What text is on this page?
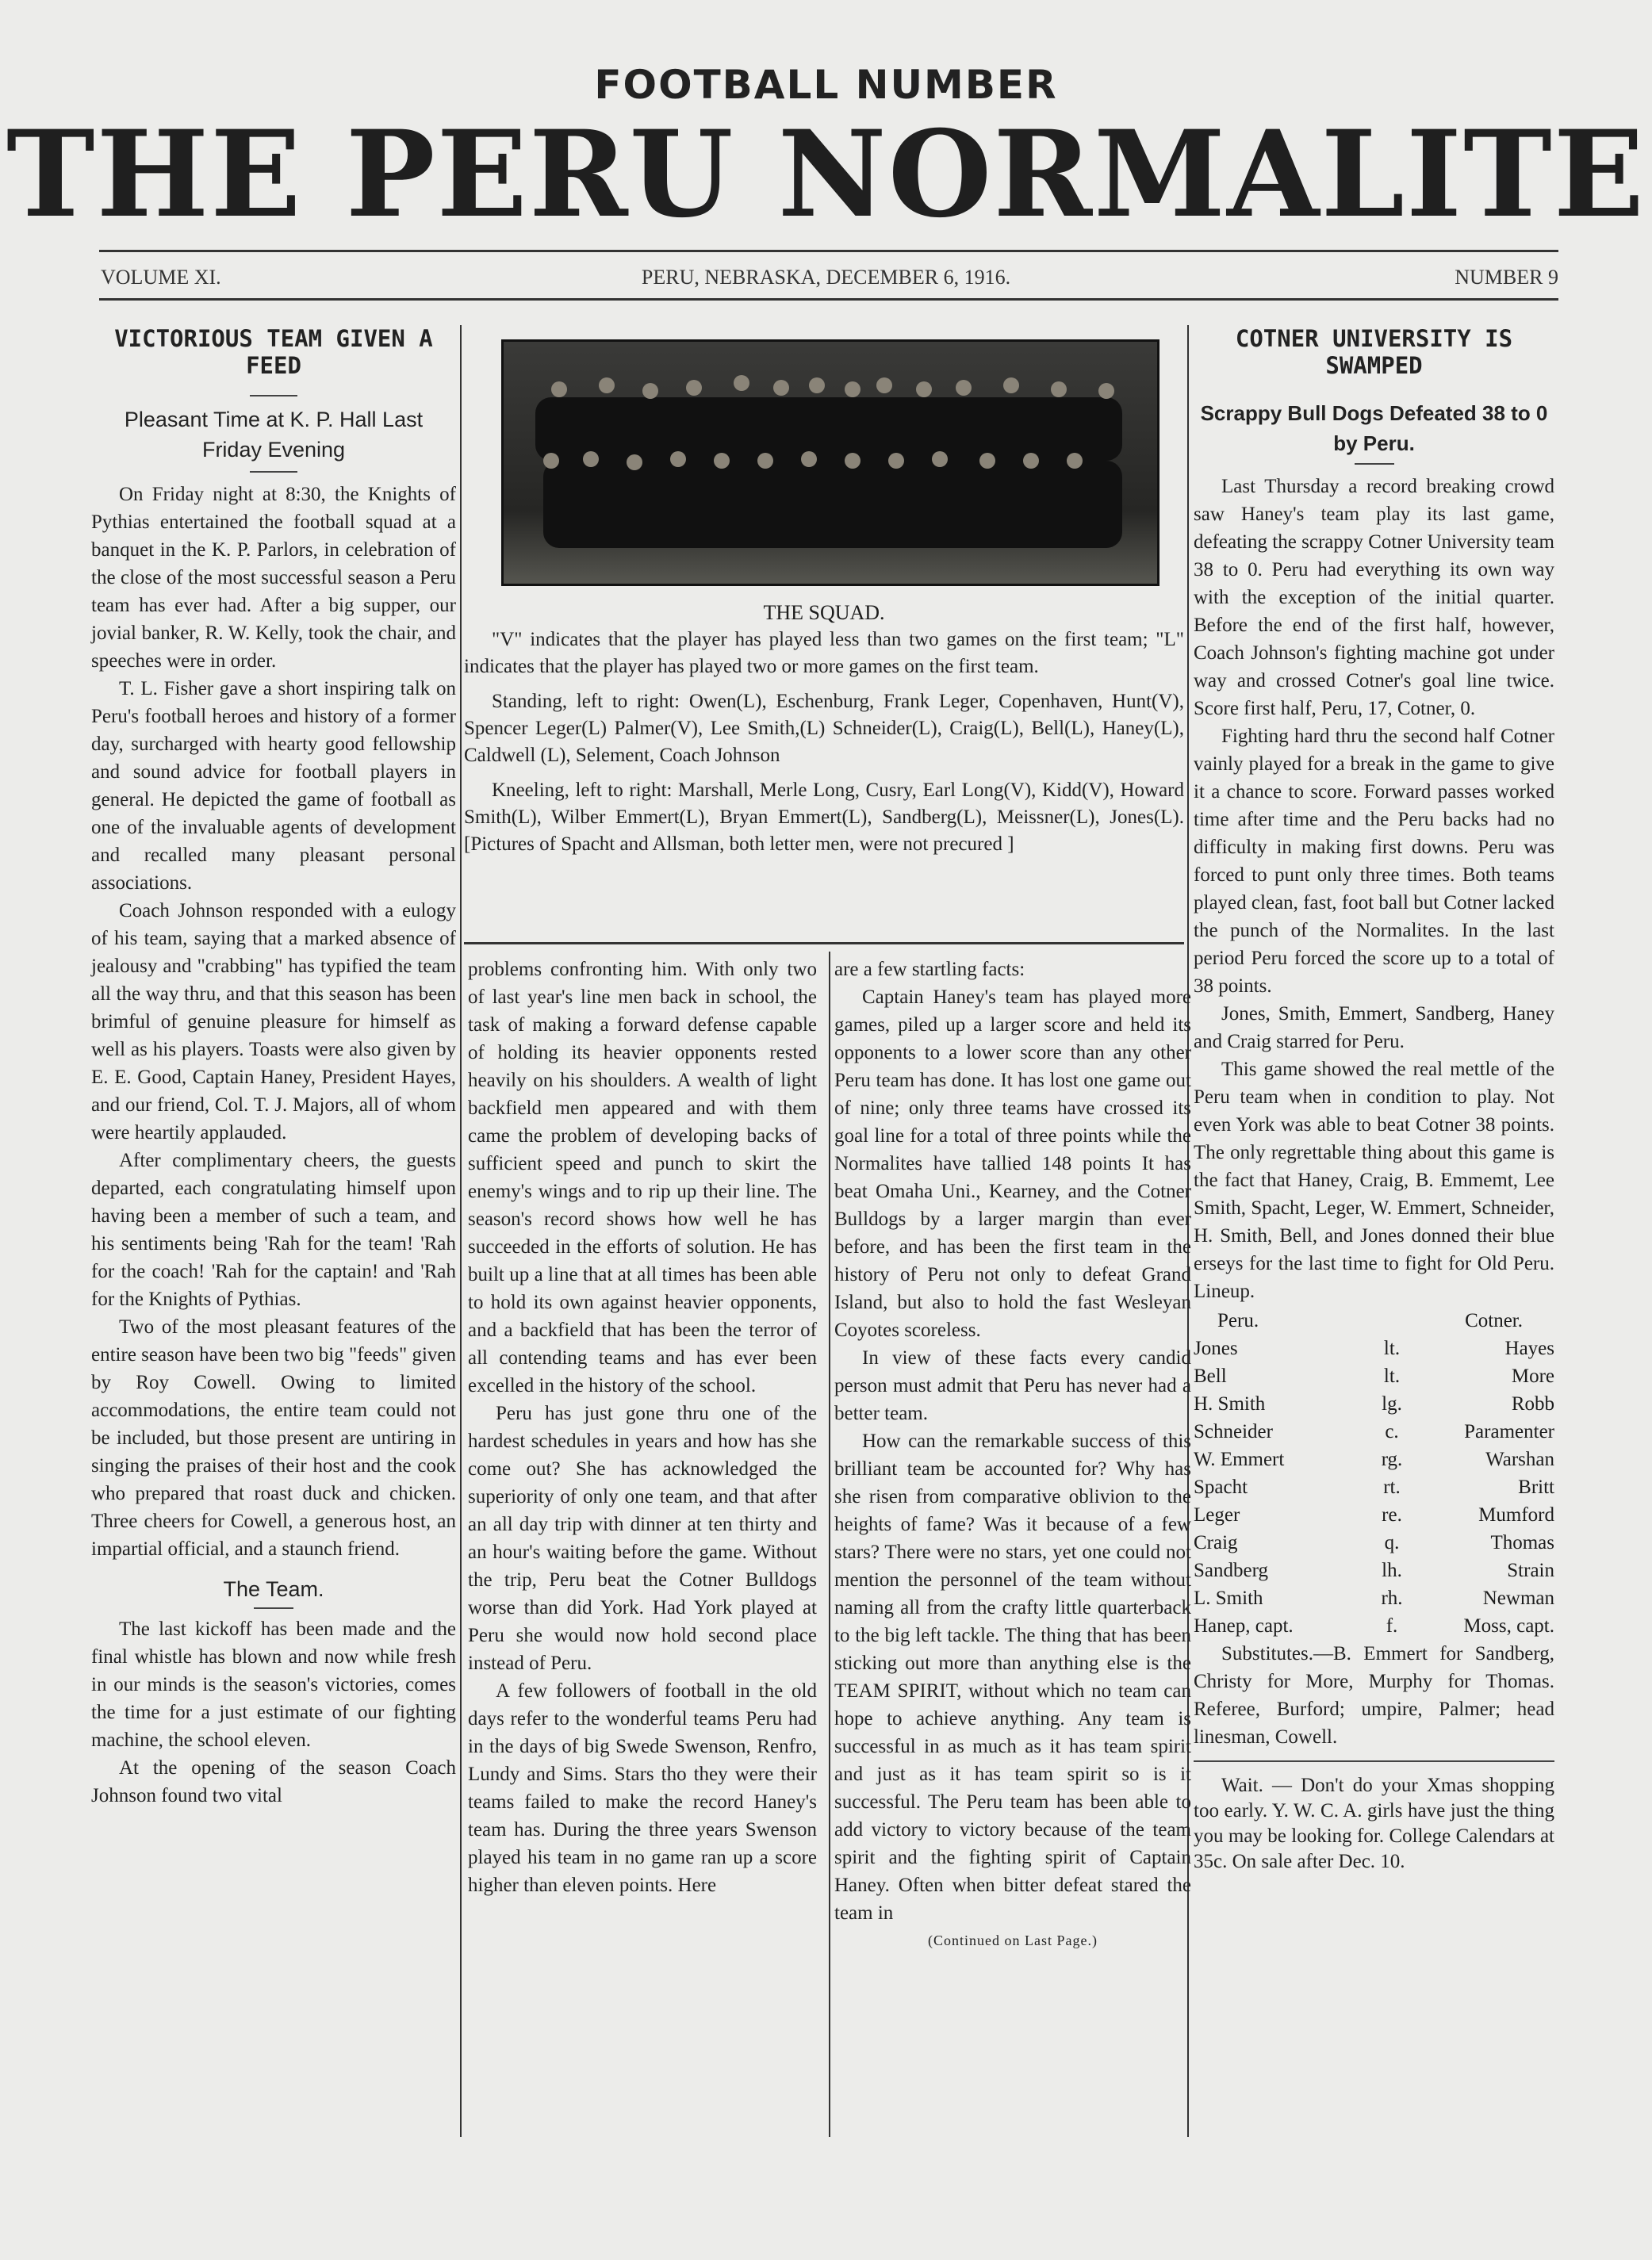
FOOTBALL NUMBER
THE PERU NORMALITE
VOLUME XI.	PERU, NEBRASKA, DECEMBER 6, 1916.	NUMBER 9
VICTORIOUS TEAM GIVEN A FEED
Pleasant Time at K. P. Hall Last Friday Evening

On Friday night at 8:30, the Knights of Pythias entertained the football squad at a banquet in the K. P. Parlors, in celebration of the close of the most successful season a Peru team has ever had. After a big supper, our jovial banker, R. W. Kelly, took the chair, and speeches were in order.

T. L. Fisher gave a short inspiring talk on Peru's football heroes and history of a former day, surcharged with hearty good fellowship and sound advice for football players in general. He depicted the game of football as one of the invaluable agents of development and recalled many pleasant personal associations.

Coach Johnson responded with a eulogy of his team, saying that a marked absence of jealousy and "crabbing" has typified the team all the way thru, and that this season has been brimful of genuine pleasure for himself as well as his players. Toasts were also given by E. E. Good, Captain Haney, President Hayes, and our friend, Col. T. J. Majors, all of whom were heartily applauded.

After complimentary cheers, the guests departed, each congratulating himself upon having been a member of such a team, and his sentiments being 'Rah for the team! 'Rah for the coach! 'Rah for the captain! and 'Rah for the Knights of Pythias.

Two of the most pleasant features of the entire season have been two big "feeds" given by Roy Cowell. Owing to limited accommodations, the entire team could not be included, but those present are untiring in singing the praises of their host and the cook who prepared that roast duck and chicken. Three cheers for Cowell, a generous host, an impartial official, and a staunch friend.

The Team.

The last kickoff has been made and the final whistle has blown and now while fresh in our minds is the season's victories, comes the time for a just estimate of our fighting machine, the school eleven.

At the opening of the season Coach Johnson found two vital

THE SQUAD.

"V" indicates that the player has played less than two games on the first team; "L" indicates that the player has played two or more games on the first team.

Standing, left to right: Owen(L), Eschenburg, Frank Leger, Copenhaven, Hunt(V), Spencer Leger(L) Palmer(V), Lee Smith,(L) Schneider(L), Craig(L), Bell(L), Haney(L), Caldwell (L), Selement, Coach Johnson

Kneeling, left to right: Marshall, Merle Long, Cusry, Earl Long(V), Kidd(V), Howard Smith(L), Wilber Emmert(L), Bryan Emmert(L), Sandberg(L), Meissner(L), Jones(L). [Pictures of Spacht and Allsman, both letter men, were not precured ]

problems confronting him. With only two of last year's line men back in school, the task of making a forward defense capable of holding its heavier opponents rested heavily on his shoulders. A wealth of light backfield men appeared and with them came the problem of developing backs of sufficient speed and punch to skirt the enemy's wings and to rip up their line. The season's record shows how well he has succeeded in the efforts of solution. He has built up a line that at all times has been able to hold its own against heavier opponents, and a backfield that has been the terror of all contending teams and has ever been excelled in the history of the school.

Peru has just gone thru one of the hardest schedules in years and how has she come out? She has acknowledged the superiority of only one team, and that after an all day trip with dinner at ten thirty and an hour's waiting before the game. Without the trip, Peru beat the Cotner Bulldogs worse than did York. Had York played at Peru she would now hold second place instead of Peru.

A few followers of football in the old days refer to the wonderful teams Peru had in the days of big Swede Swenson, Renfro, Lundy and Sims. Stars tho they were their teams failed to make the record Haney's team has. During the three years Swenson played his team in no game ran up a score higher than eleven points. Here

are a few startling facts:

Captain Haney's team has played more games, piled up a larger score and held its opponents to a lower score than any other Peru team has done. It has lost one game out of nine; only three teams have crossed its goal line for a total of three points while the Normalites have tallied 148 points It has beat Omaha Uni., Kearney, and the Cotner Bulldogs by a larger margin than ever before, and has been the first team in the history of Peru not only to defeat Grand Island, but also to hold the fast Wesleyan Coyotes scoreless.

In view of these facts every candid person must admit that Peru has never had a better team.

How can the remarkable success of this brilliant team be accounted for? Why has she risen from comparative oblivion to the heights of fame? Was it because of a few stars? There were no stars, yet one could not mention the personnel of the team without naming all from the crafty little quarterback to the big left tackle. The thing that has been sticking out more than anything else is the TEAM SPIRIT, without which no team can hope to achieve anything. Any team is successful in as much as it has team spirit and just as it has team spirit so is it successful. The Peru team has been able to add victory to victory because of the team spirit and the fighting spirit of Captain Haney. Often when bitter defeat stared the team in

(Continued on Last Page.)
COTNER UNIVERSITY IS SWAMPED
Scrappy Bull Dogs Defeated 38 to 0 by Peru.

Last Thursday a record breaking crowd saw Haney's team play its last game, defeating the scrappy Cotner University team 38 to 0. Peru had everything its own way with the exception of the initial quarter. Before the end of the first half, however, Coach Johnson's fighting machine got under way and crossed Cotner's goal line twice. Score first half, Peru, 17, Cotner, 0.

Fighting hard thru the second half Cotner vainly played for a break in the game to give it a chance to score. Forward passes worked time after time and the Peru backs had no difficulty in making first downs. Peru was forced to punt only three times. Both teams played clean, fast, foot ball but Cotner lacked the punch of the Normalites. In the last period Peru forced the score up to a total of 38 points.

Jones, Smith, Emmert, Sandberg, Haney and Craig starred for Peru.

This game showed the real mettle of the Peru team when in condition to play. Not even York was able to beat Cotner 38 points. The only regrettable thing about this game is the fact that Haney, Craig, B. Emmemt, Lee Smith, Spacht, Leger, W. Emmert, Schneider, H. Smith, Bell, and Jones donned their blue erseys for the last time to fight for Old Peru. Lineup.

Peru.	Cotner.
Jones	lt.	Hayes
Bell	lt.	More
H. Smith	lg.	Robb
Schneider	c.	Paramenter
W. Emmert	rg.	Warshan
Spacht	rt.	Britt
Leger	re.	Mumford
Craig	q.	Thomas
Sandberg	lh.	Strain
L. Smith	rh.	Newman
Hanep, capt.	f.	Moss, capt.

Substitutes.—B. Emmert for Sandberg, Christy for More, Murphy for Thomas. Referee, Burford; umpire, Palmer; head linesman, Cowell.

Wait. — Don't do your Xmas shopping too early. Y. W. C. A. girls have just the thing you may be looking for. College Calendars at 35c. On sale after Dec. 10.
